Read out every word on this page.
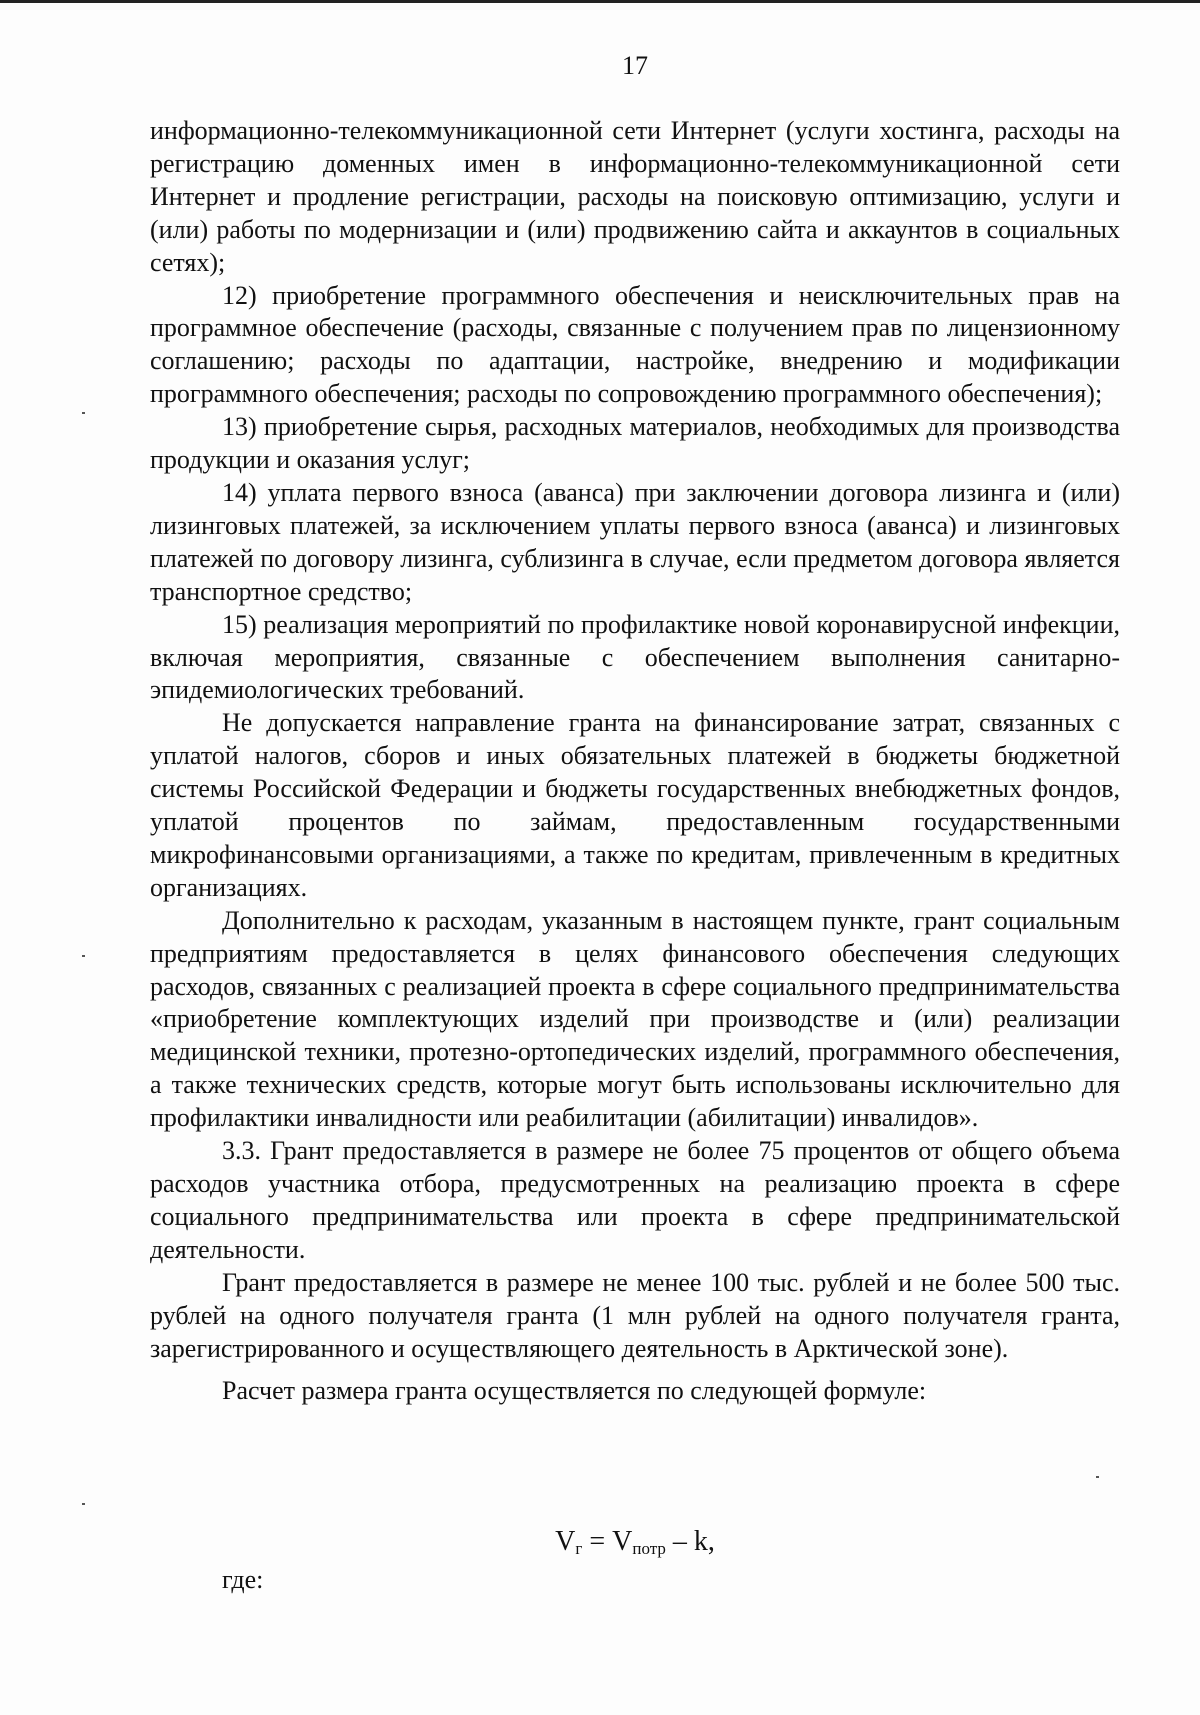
17

информационно-телекоммуникационной сети Интернет (услуги хостинга, расходы на регистрацию доменных имен в информационно-телекоммуникационной сети Интернет и продление регистрации, расходы на поисковую оптимизацию, услуги и (или) работы по модернизации и (или) продвижению сайта и аккаунтов в социальных сетях);

12) приобретение программного обеспечения и неисключительных прав на программное обеспечение (расходы, связанные с получением прав по лицензионному соглашению; расходы по адаптации, настройке, внедрению и модификации программного обеспечения; расходы по сопровождению программного обеспечения);

13) приобретение сырья, расходных материалов, необходимых для производства продукции и оказания услуг;

14) уплата первого взноса (аванса) при заключении договора лизинга и (или) лизинговых платежей, за исключением уплаты первого взноса (аванса) и лизинговых платежей по договору лизинга, сублизинга в случае, если предметом договора является транспортное средство;

15) реализация мероприятий по профилактике новой коронавирусной инфекции, включая мероприятия, связанные с обеспечением выполнения санитарно-эпидемиологических требований.

Не допускается направление гранта на финансирование затрат, связанных с уплатой налогов, сборов и иных обязательных платежей в бюджеты бюджетной системы Российской Федерации и бюджеты государственных внебюджетных фондов, уплатой процентов по займам, предоставленным государственными микрофинансовыми организациями, а также по кредитам, привлеченным в кредитных организациях.

Дополнительно к расходам, указанным в настоящем пункте, грант социальным предприятиям предоставляется в целях финансового обеспечения следующих расходов, связанных с реализацией проекта в сфере социального предпринимательства «приобретение комплектующих изделий при производстве и (или) реализации медицинской техники, протезно-ортопедических изделий, программного обеспечения, а также технических средств, которые могут быть использованы исключительно для профилактики инвалидности или реабилитации (абилитации) инвалидов».

3.3. Грант предоставляется в размере не более 75 процентов от общего объема расходов участника отбора, предусмотренных на реализацию проекта в сфере социального предпринимательства или проекта в сфере предпринимательской деятельности.

Грант предоставляется в размере не менее 100 тыс. рублей и не более 500 тыс. рублей на одного получателя гранта (1 млн рублей на одного получателя гранта, зарегистрированного и осуществляющего деятельность в Арктической зоне).

Расчет размера гранта осуществляется по следующей формуле:

$V_г = V_{потр} - k$,
где:
